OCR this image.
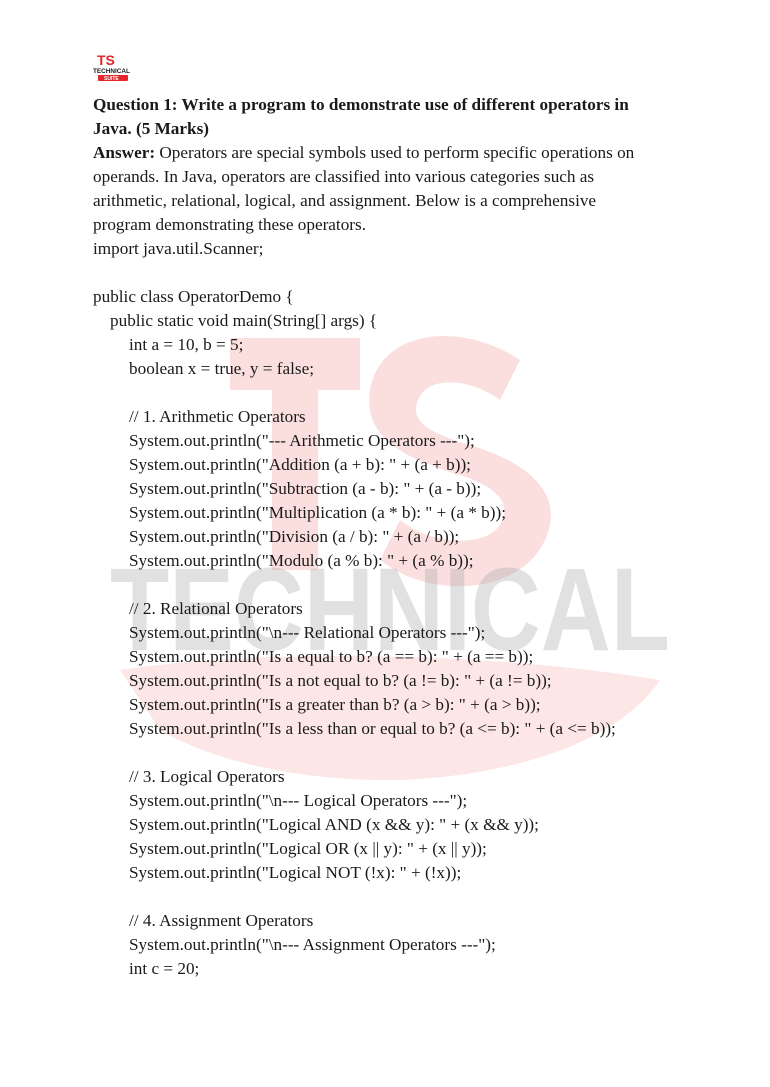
TECHNICAL
TS
TECHNICAL
SUITE

Question 1: Write a program to demonstrate use of different operators in

Java. (5 Marks)

Answer: Operators are special symbols used to perform specific operations on

operands. In Java, operators are classified into various categories such as

arithmetic, relational, logical, and assignment. Below is a comprehensive

program demonstrating these operators.

import java.util.Scanner;
public class OperatorDemo {
public static void main(String[] args) {
int a = 10, b = 5;
boolean x = true, y = false;
// 1. Arithmetic Operators
System.out.println("--- Arithmetic Operators ---");
System.out.println("Addition (a + b): " + (a + b));
System.out.println("Subtraction (a - b): " + (a - b));
System.out.println("Multiplication (a * b): " + (a * b));
System.out.println("Division (a / b): " + (a / b));
System.out.println("Modulo (a % b): " + (a % b));
// 2. Relational Operators
System.out.println("\n--- Relational Operators ---");
System.out.println("Is a equal to b? (a == b): " + (a == b));
System.out.println("Is a not equal to b? (a != b): " + (a != b));
System.out.println("Is a greater than b? (a > b): " + (a > b));
System.out.println("Is a less than or equal to b? (a <= b): " + (a <= b));
// 3. Logical Operators
System.out.println("\n--- Logical Operators ---");
System.out.println("Logical AND (x && y): " + (x && y));
System.out.println("Logical OR (x || y): " + (x || y));
System.out.println("Logical NOT (!x): " + (!x));
// 4. Assignment Operators
System.out.println("\n--- Assignment Operators ---");
int c = 20;
